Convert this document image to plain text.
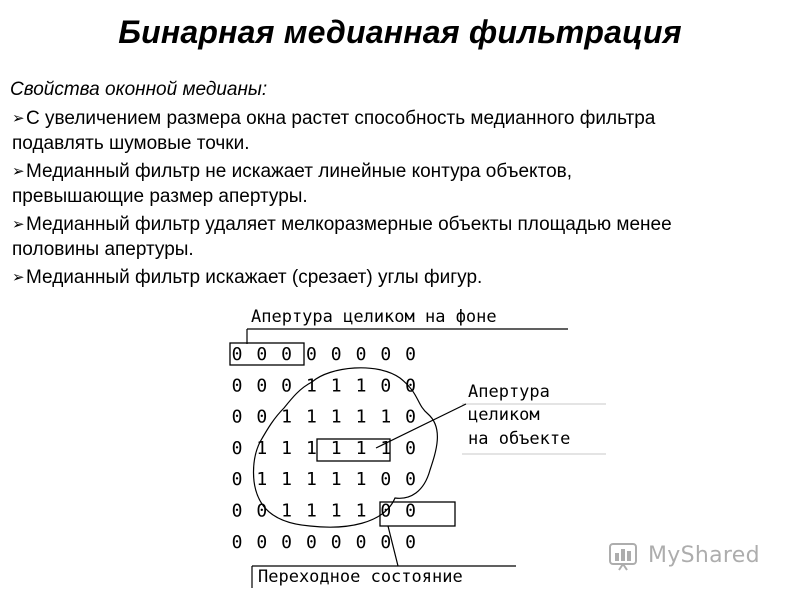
Бинарная медианная фильтрация
Свойства оконной медианы:
➢С увеличением размера окна растет способность медианного фильтра
подавлять шумовые точки.
➢Медианный фильтр не искажает линейные контура объектов,
превышающие размер апертуры.
➢Медианный фильтр удаляет мелкоразмерные объекты площадью менее
половины апертуры.
➢Медианный фильтр искажает (срезает) углы фигур.
Апертура целиком на фоне
Апертура
целиком
на объекте
Переходное состояние
0 0 0 0 0 0 0 0
0 0 0 1 1 1 0 0
0 0 1 1 1 1 1 0
0 1 1 1 1 1 1 0
0 1 1 1 1 1 0 0
0 0 1 1 1 1 0 0
0 0 0 0 0 0 0 0
MyShared
